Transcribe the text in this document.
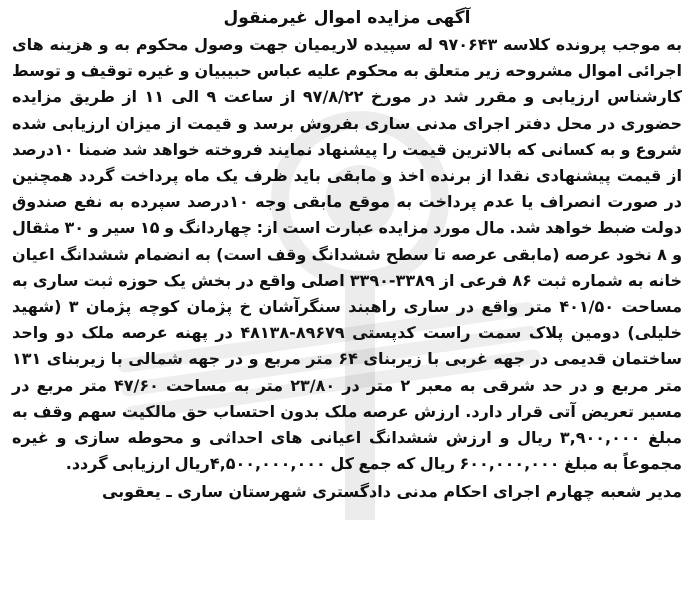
آگهی مزایده اموال غیرمنقول

به موجب پرونده کلاسه ۹۷۰۶۴۳ له سپیده لاریمیان جهت وصول محکوم به و هزینه های اجرائی اموال مشروحه زیر متعلق به محکوم علیه عباس حبیبیان و غیره توقیف و توسط کارشناس ارزیابی و مقرر شد در مورخ ۹۷/۸/۲۲ از ساعت ۹ الی ۱۱ از طریق مزایده حضوری در محل دفتر اجرای مدنی ساری بفروش برسد و قیمت از میزان ارزیابی شده شروع و به کسانی که بالاترین قیمت را پیشنهاد نمایند فروخته خواهد شد ضمنا ۱۰درصد از قیمت پیشنهادی نقدا از برنده اخذ و مابقی باید ظرف یک ماه پرداخت گردد همچنین در صورت انصراف یا عدم پرداخت به موقع مابقی وجه ۱۰درصد سپرده به نفع صندوق دولت ضبط خواهد شد. مال مورد مزایده عبارت است از: چهاردانگ و ۱۵ سیر و ۳۰ مثقال و ۸ نخود عرصه (مابقی عرصه تا سطح ششدانگ وقف است) به انضمام ششدانگ اعیان خانه به شماره ثبت ۸۶ فرعی از ۳۳۸۹-۳۳۹۰ اصلی واقع در بخش یک حوزه ثبت ساری به مساحت ۴۰۱/۵۰ متر واقع در ساری راهبند سنگرآشان خ پژمان کوچه پژمان ۳ (شهید خلیلی) دومین پلاک سمت راست کدپستی ۸۹۶۷۹-۴۸۱۳۸ در پهنه عرصه ملک دو واحد ساختمان قدیمی در جهه غربی با زیربنای ۶۴ متر مربع و در جهه شمالی با زیربنای ۱۳۱ متر مربع و در حد شرقی به معبر ۲ متر در ۲۳/۸۰ متر به مساحت ۴۷/۶۰ متر مربع در مسیر تعریض آتی قرار دارد. ارزش عرصه ملک بدون احتساب حق مالکیت سهم وقف به مبلغ ۳,۹۰۰,۰۰۰ ریال و ارزش ششدانگ اعیانی های احداثی و محوطه سازی و غیره مجموعاً به مبلغ ۶۰۰,۰۰۰,۰۰۰ ریال که جمع کل ۴,۵۰۰,۰۰۰,۰۰۰ریال ارزیابی گردد.

مدیر شعبه چهارم اجرای احکام مدنی دادگستری شهرستان ساری ـ یعقوبی
